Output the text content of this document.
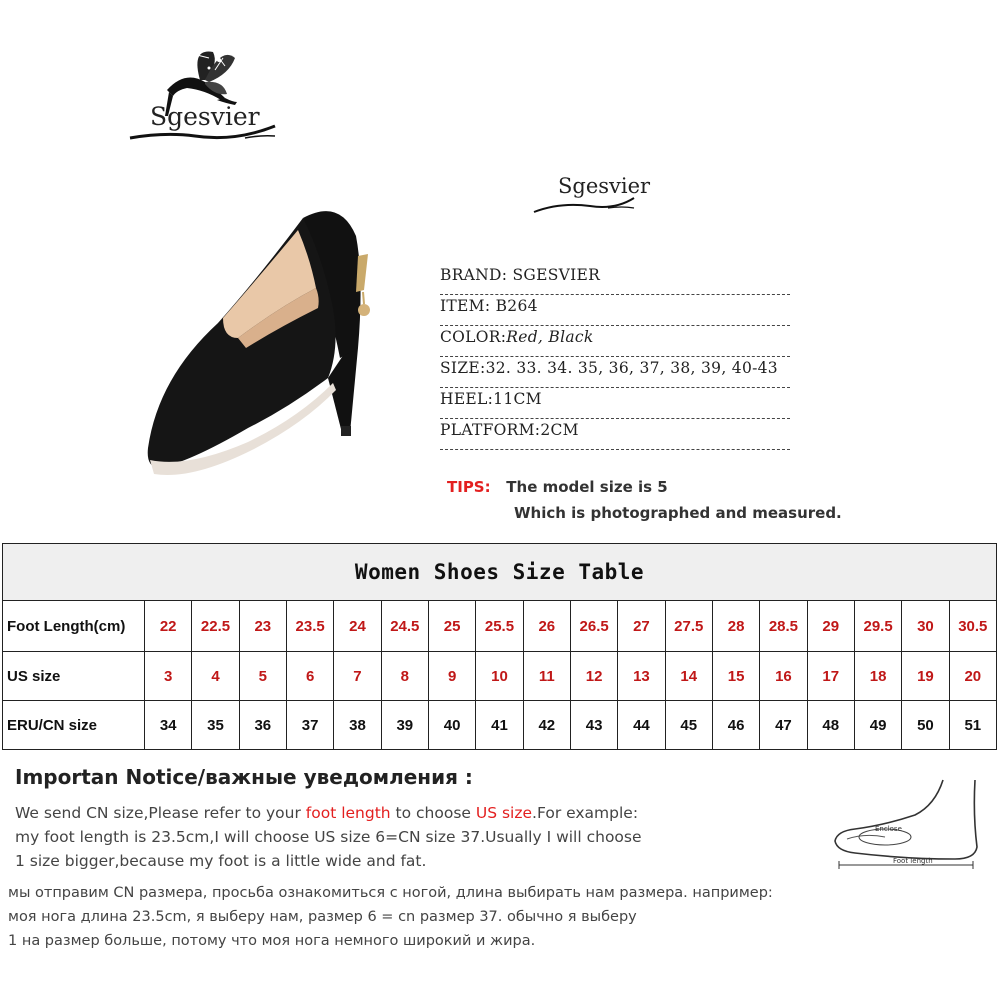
Sgesvier
Sgesvier
BRAND: SGESVIER
ITEM: B264
COLOR:Red, Black
SIZE:32. 33. 34. 35, 36, 37, 38, 39, 40-43
HEEL:11CM
PLATFORM:2CM
TIPS: The model size is 5
Which is photographed and measured.
Women Shoes Size Table																		
Foot Length(cm)	22	22.5	23	23.5	24	24.5	25	25.5	26	26.5	27	27.5	28	28.5	29	29.5	30	30.5
US size	3	4	5	6	7	8	9	10	11	12	13	14	15	16	17	18	19	20
ERU/CN size	34	35	36	37	38	39	40	41	42	43	44	45	46	47	48	49	50	51
Importan Notice/важные уведомления :
We send CN size,Please refer to your foot length to choose US size.For example:
my foot length is 23.5cm,I will choose US size 6=CN size 37.Usually I will choose
1 size bigger,because my foot is a little wide and fat.
мы отправим CN размера, просьба ознакомиться с ногой, длина выбирать нам размера. например:
моя нога длина 23.5cm, я выберу нам, размер 6 = cn размер 37. обычно я выберу
1 на размер больше, потому что моя нога немного широкий и жира.
Enclose
Foot length
